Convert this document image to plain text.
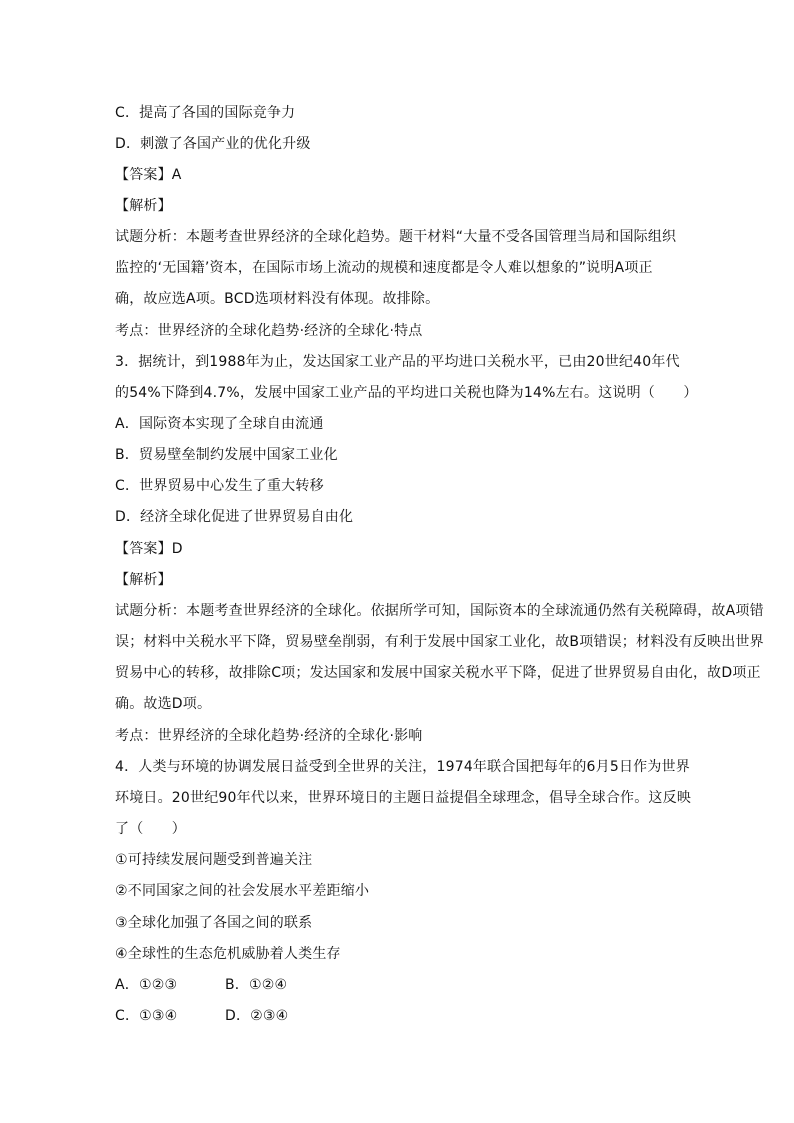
C．提高了各国的国际竞争力
D．刺激了各国产业的优化升级
【答案】A
【解析】
试题分析：本题考查世界经济的全球化趋势。题干材料“大量不受各国管理当局和国际组织
监控的‘无国籍’资本，在国际市场上流动的规模和速度都是令人难以想象的”说明A项正
确，故应选A项。BCD选项材料没有体现。故排除。
考点：世界经济的全球化趋势·经济的全球化·特点
3．据统计，到1988年为止，发达国家工业产品的平均进口关税水平，已由20世纪40年代
的54%下降到4.7%，发展中国家工业产品的平均进口关税也降为14%左右。这说明（　　）
A．国际资本实现了全球自由流通
B．贸易壁垒制约发展中国家工业化
C．世界贸易中心发生了重大转移
D．经济全球化促进了世界贸易自由化
【答案】D
【解析】
试题分析：本题考查世界经济的全球化。依据所学可知，国际资本的全球流通仍然有关税障碍，故A项错
误；材料中关税水平下降，贸易壁垒削弱，有利于发展中国家工业化，故B项错误；材料没有反映出世界
贸易中心的转移，故排除C项；发达国家和发展中国家关税水平下降，促进了世界贸易自由化，故D项正
确。故选D项。
考点：世界经济的全球化趋势·经济的全球化·影响
4．人类与环境的协调发展日益受到全世界的关注，1974年联合国把每年的6月5日作为世界
环境日。20世纪90年代以来，世界环境日的主题日益提倡全球理念，倡导全球合作。这反映
了（　　）
①可持续发展问题受到普遍关注
②不同国家之间的社会发展水平差距缩小
③全球化加强了各国之间的联系
④全球性的生态危机威胁着人类生存
A．①②③	B．①②④
C．①③④	D．②③④
